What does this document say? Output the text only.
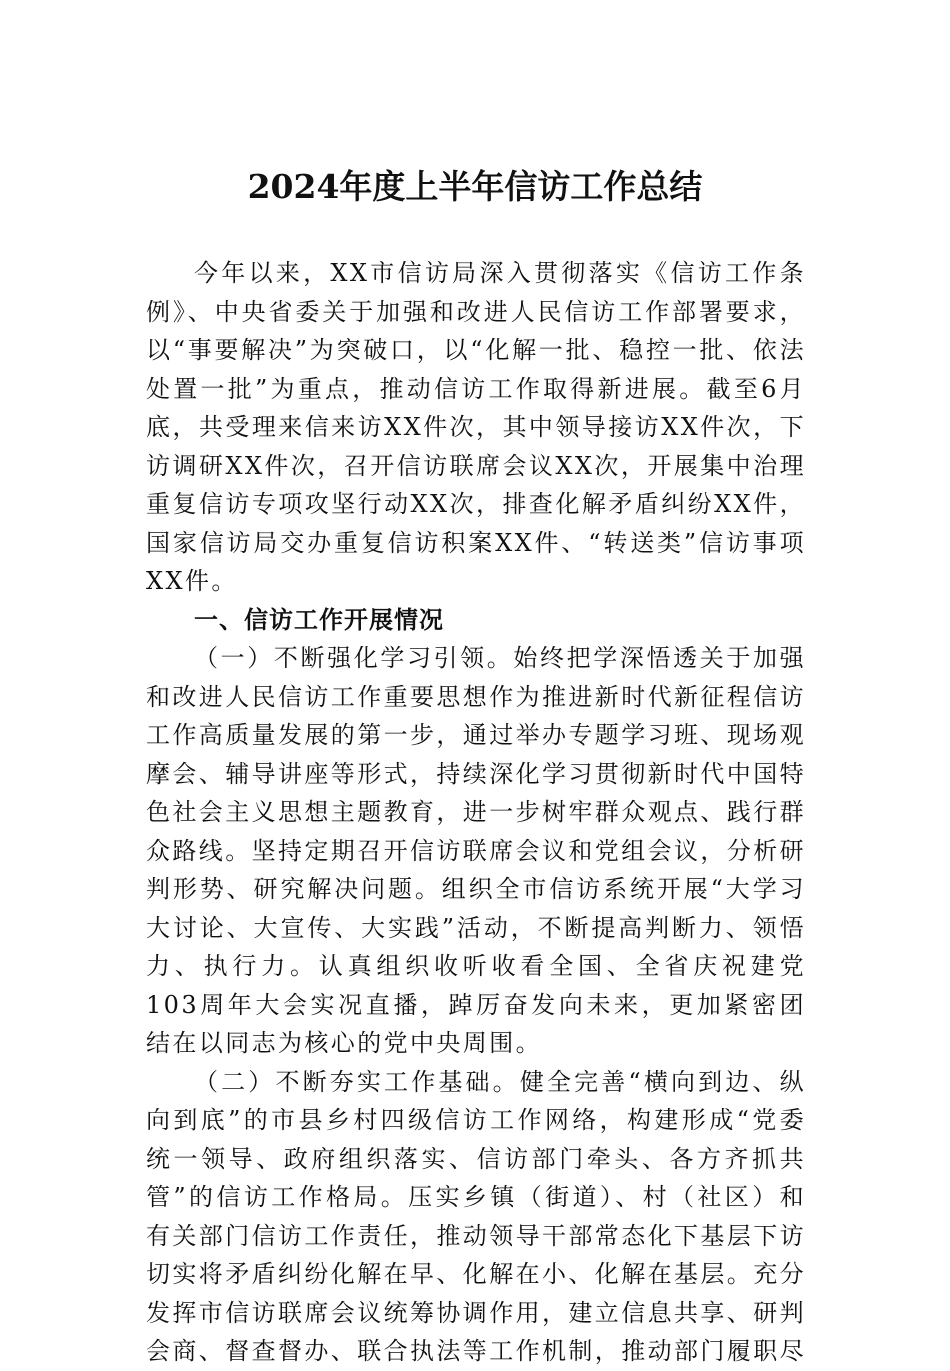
2024年度上半年信访工作总结

今年以来，XX市信访局深入贯彻落实《信访工作条例》、中央省委关于加强和改进人民信访工作部署要求，以“事要解决”为突破口，以“化解一批、稳控一批、依法处置一批”为重点，推动信访工作取得新进展。截至6月底，共受理来信来访XX件次，其中领导接访XX件次，下访调研XX件次，召开信访联席会议XX次，开展集中治理重复信访专项攻坚行动XX次，排查化解矛盾纠纷XX件，国家信访局交办重复信访积案XX件、“转送类”信访事项XX件。

一、信访工作开展情况

（一）不断强化学习引领。始终把学深悟透关于加强和改进人民信访工作重要思想作为推进新时代新征程信访工作高质量发展的第一步，通过举办专题学习班、现场观摩会、辅导讲座等形式，持续深化学习贯彻新时代中国特色社会主义思想主题教育，进一步树牢群众观点、践行群众路线。坚持定期召开信访联席会议和党组会议，分析研判形势、研究解决问题。组织全市信访系统开展“大学习大讨论、大宣传、大实践”活动，不断提高判断力、领悟力、执行力。认真组织收听收看全国、全省庆祝建党103周年大会实况直播，踔厉奋发向未来，更加紧密团结在以同志为核心的党中央周围。

（二）不断夯实工作基础。健全完善“横向到边、纵向到底”的市县乡村四级信访工作网络，构建形成“党委统一领导、政府组织落实、信访部门牵头、各方齐抓共管”的信访工作格局。压实乡镇（街道）、村（社区）和有关部门信访工作责任，推动领导干部常态化下基层下访切实将矛盾纠纷化解在早、化解在小、化解在基层。充分发挥市信访联席会议统筹协调作用，建立信息共享、研判会商、督查督办、联合执法等工作机制，推动部门履职尽
